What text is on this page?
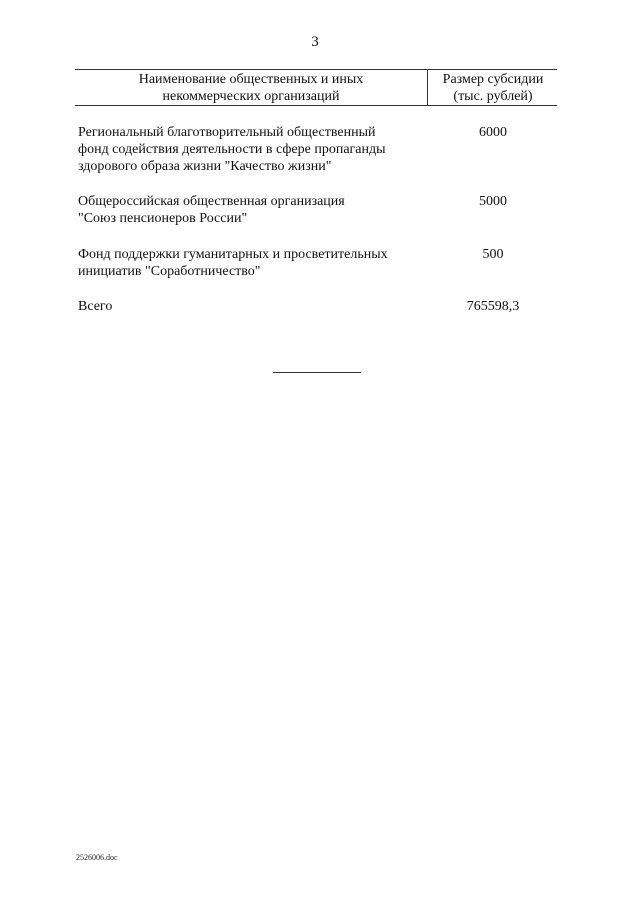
3
Наименование общественных и иных
некоммерческих организаций
Размер субсидии
(тыс. рублей)
Региональный благотворительный общественный
фонд содействия деятельности в сфере пропаганды
здорового образа жизни "Качество жизни"
6000
Общероссийская общественная организация
"Союз пенсионеров России"
5000
Фонд поддержки гуманитарных и просветительных
инициатив "Соработничество"
500
Всего	765598,3
2526006.doc
